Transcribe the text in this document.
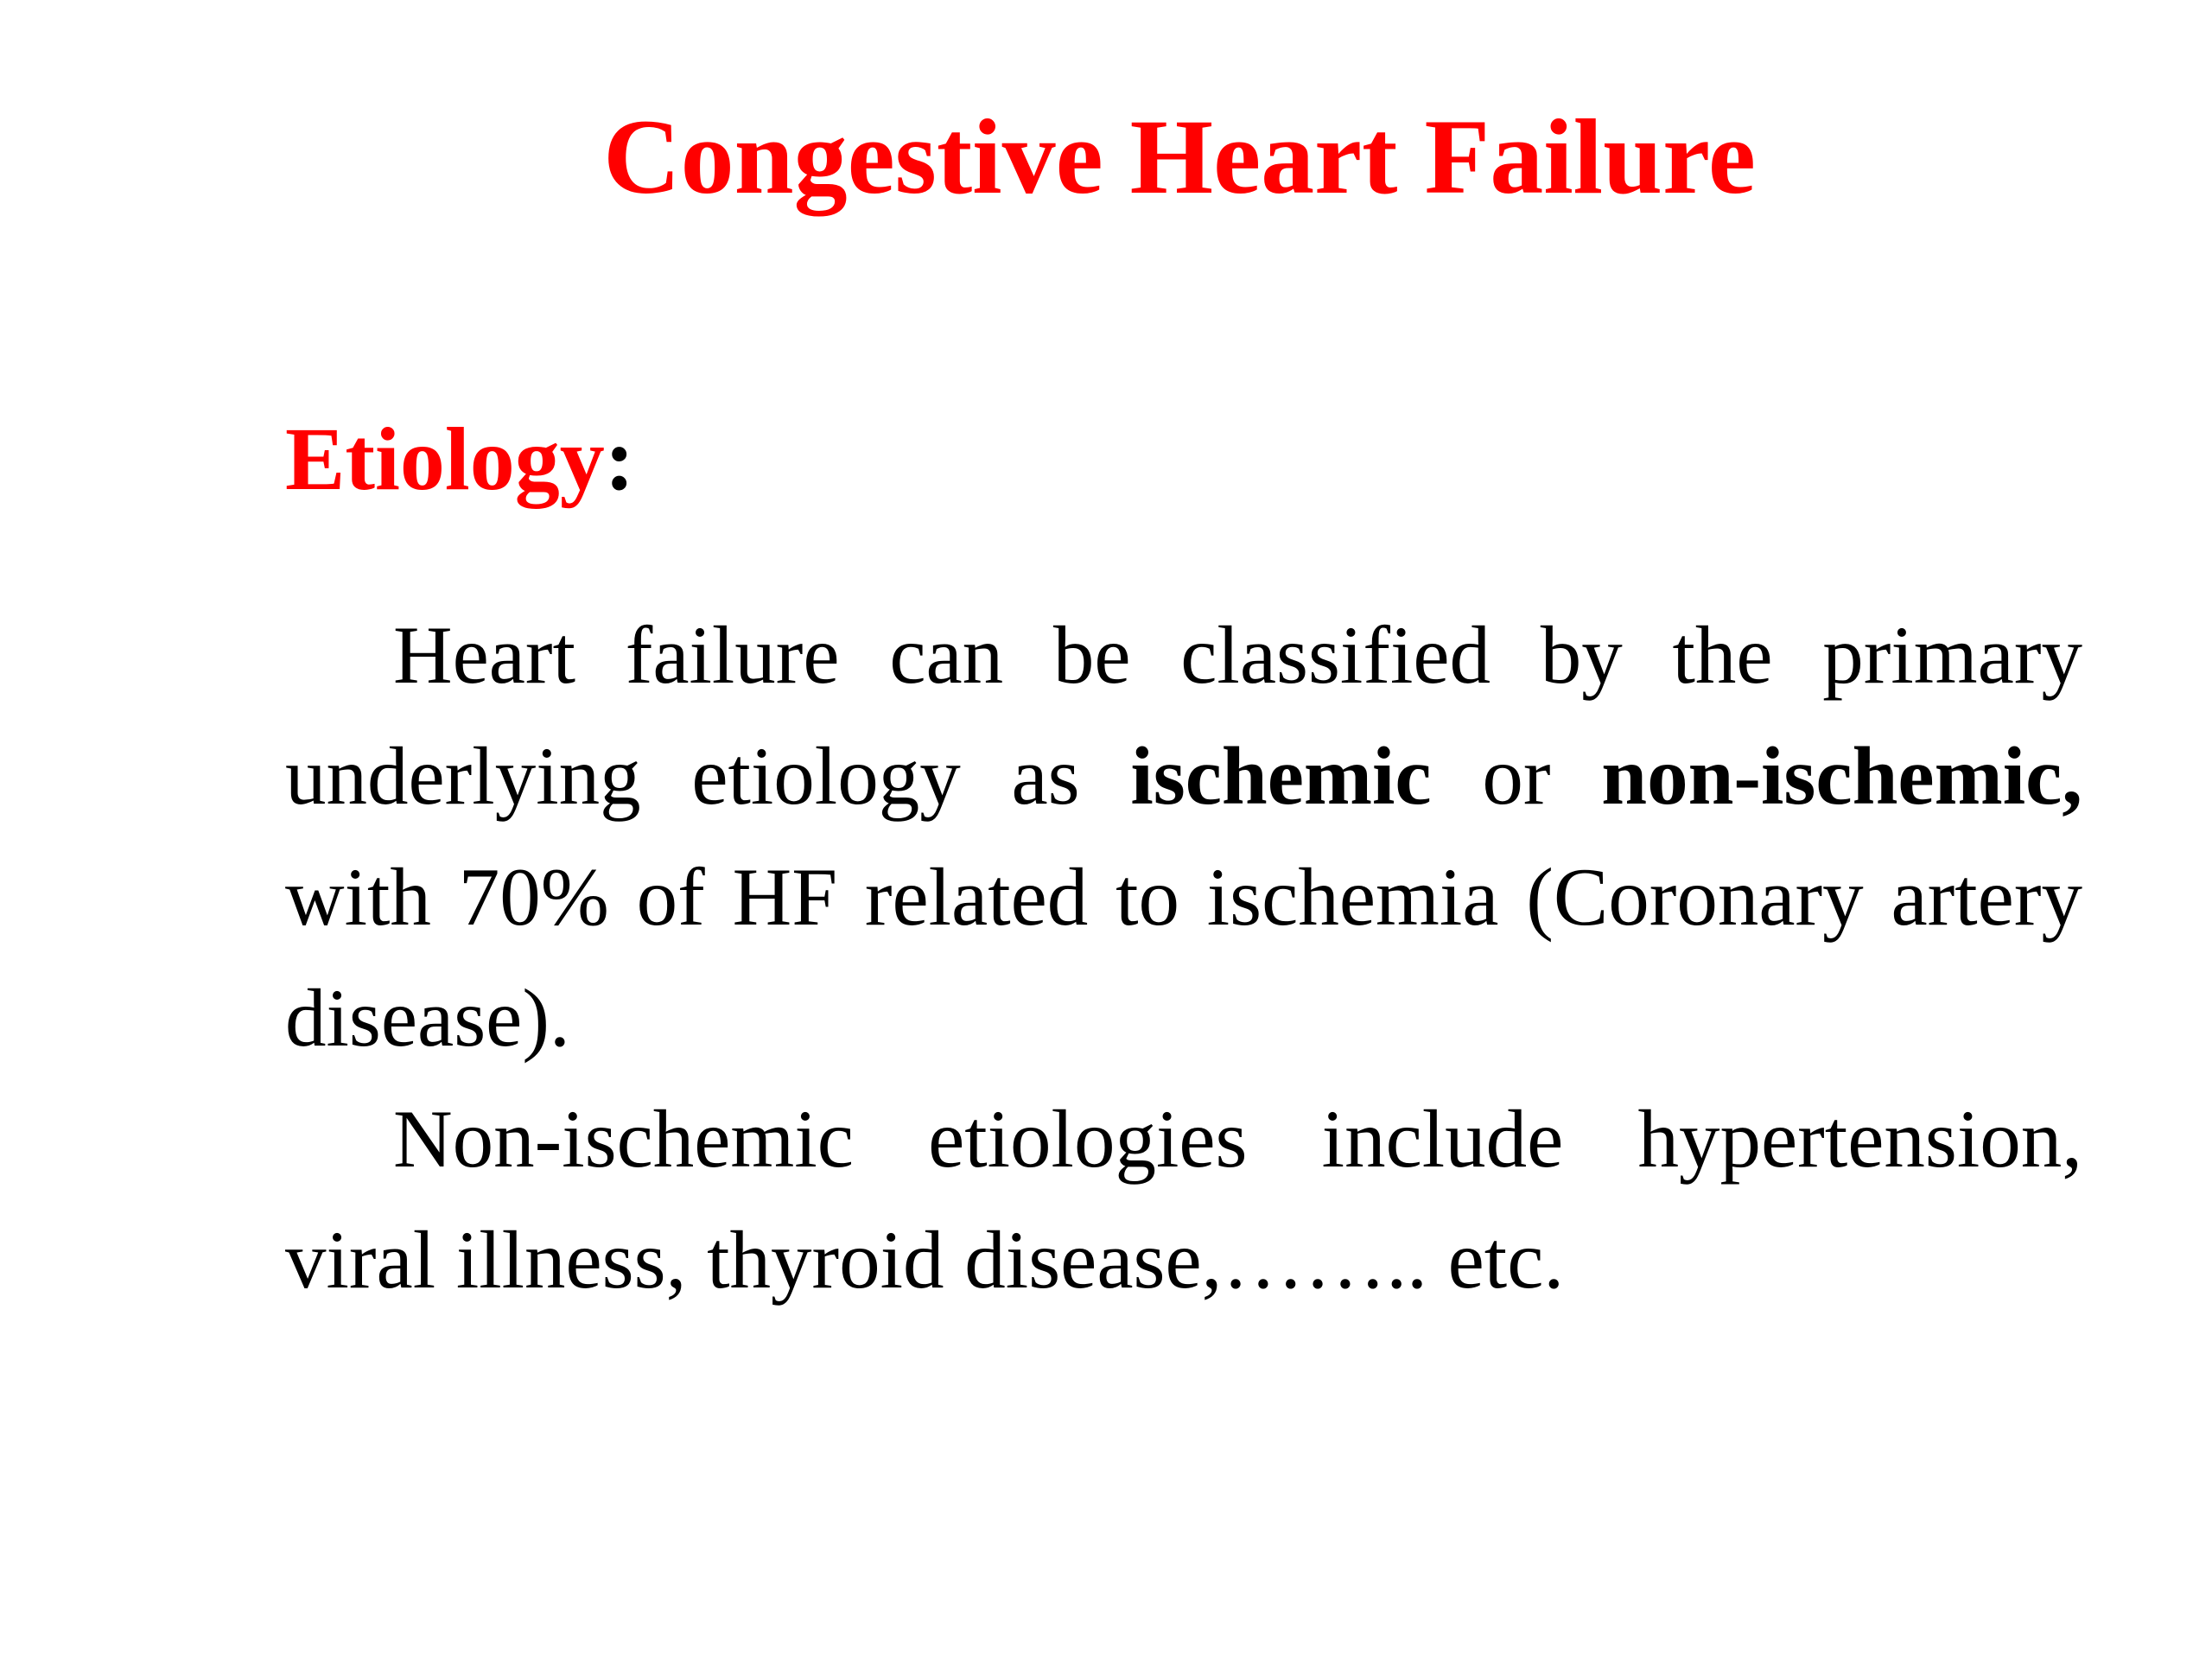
Congestive Heart Failure
Etiology:

Heart failure can be classified by the primary underlying etiology as ischemic or non-ischemic, with 70% of HF related to ischemia (Coronary artery disease).

Non-ischemic etiologies include hypertension, viral illness, thyroid disease,…….. etc.
